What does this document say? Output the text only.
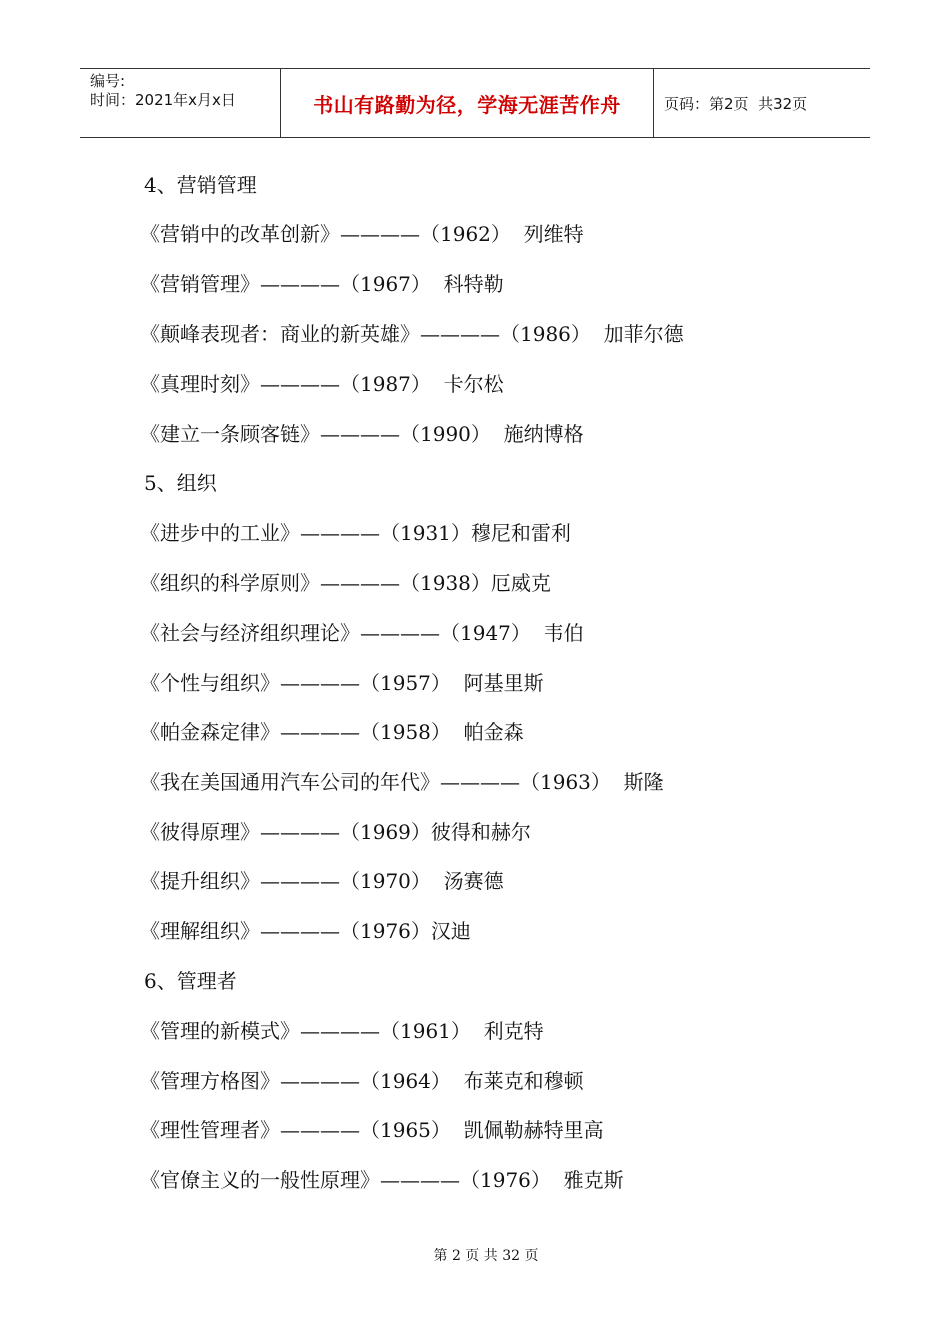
编号:
时间：2021年x月x日	书山有路勤为径，学海无涯苦作舟	页码：第2页  共32页
4、营销管理
《营销中的改革创新》————（1962）  列维特
《营销管理》————（1967）  科特勒
《颠峰表现者：商业的新英雄》————（1986）  加菲尔德
《真理时刻》————（1987）  卡尔松
《建立一条顾客链》————（1990）  施纳博格
5、组织
《进步中的工业》————（1931）穆尼和雷利
《组织的科学原则》————（1938）厄威克
《社会与经济组织理论》————（1947）  韦伯
《个性与组织》————（1957）  阿基里斯
《帕金森定律》————（1958）  帕金森
《我在美国通用汽车公司的年代》————（1963）  斯隆
《彼得原理》————（1969）彼得和赫尔
《提升组织》————（1970）  汤赛德
《理解组织》————（1976）汉迪
6、管理者
《管理的新模式》————（1961）  利克特
《管理方格图》————（1964）  布莱克和穆顿
《理性管理者》————（1965）  凯佩勒赫特里高
《官僚主义的一般性原理》————（1976）  雅克斯
第 2 页 共 32 页
